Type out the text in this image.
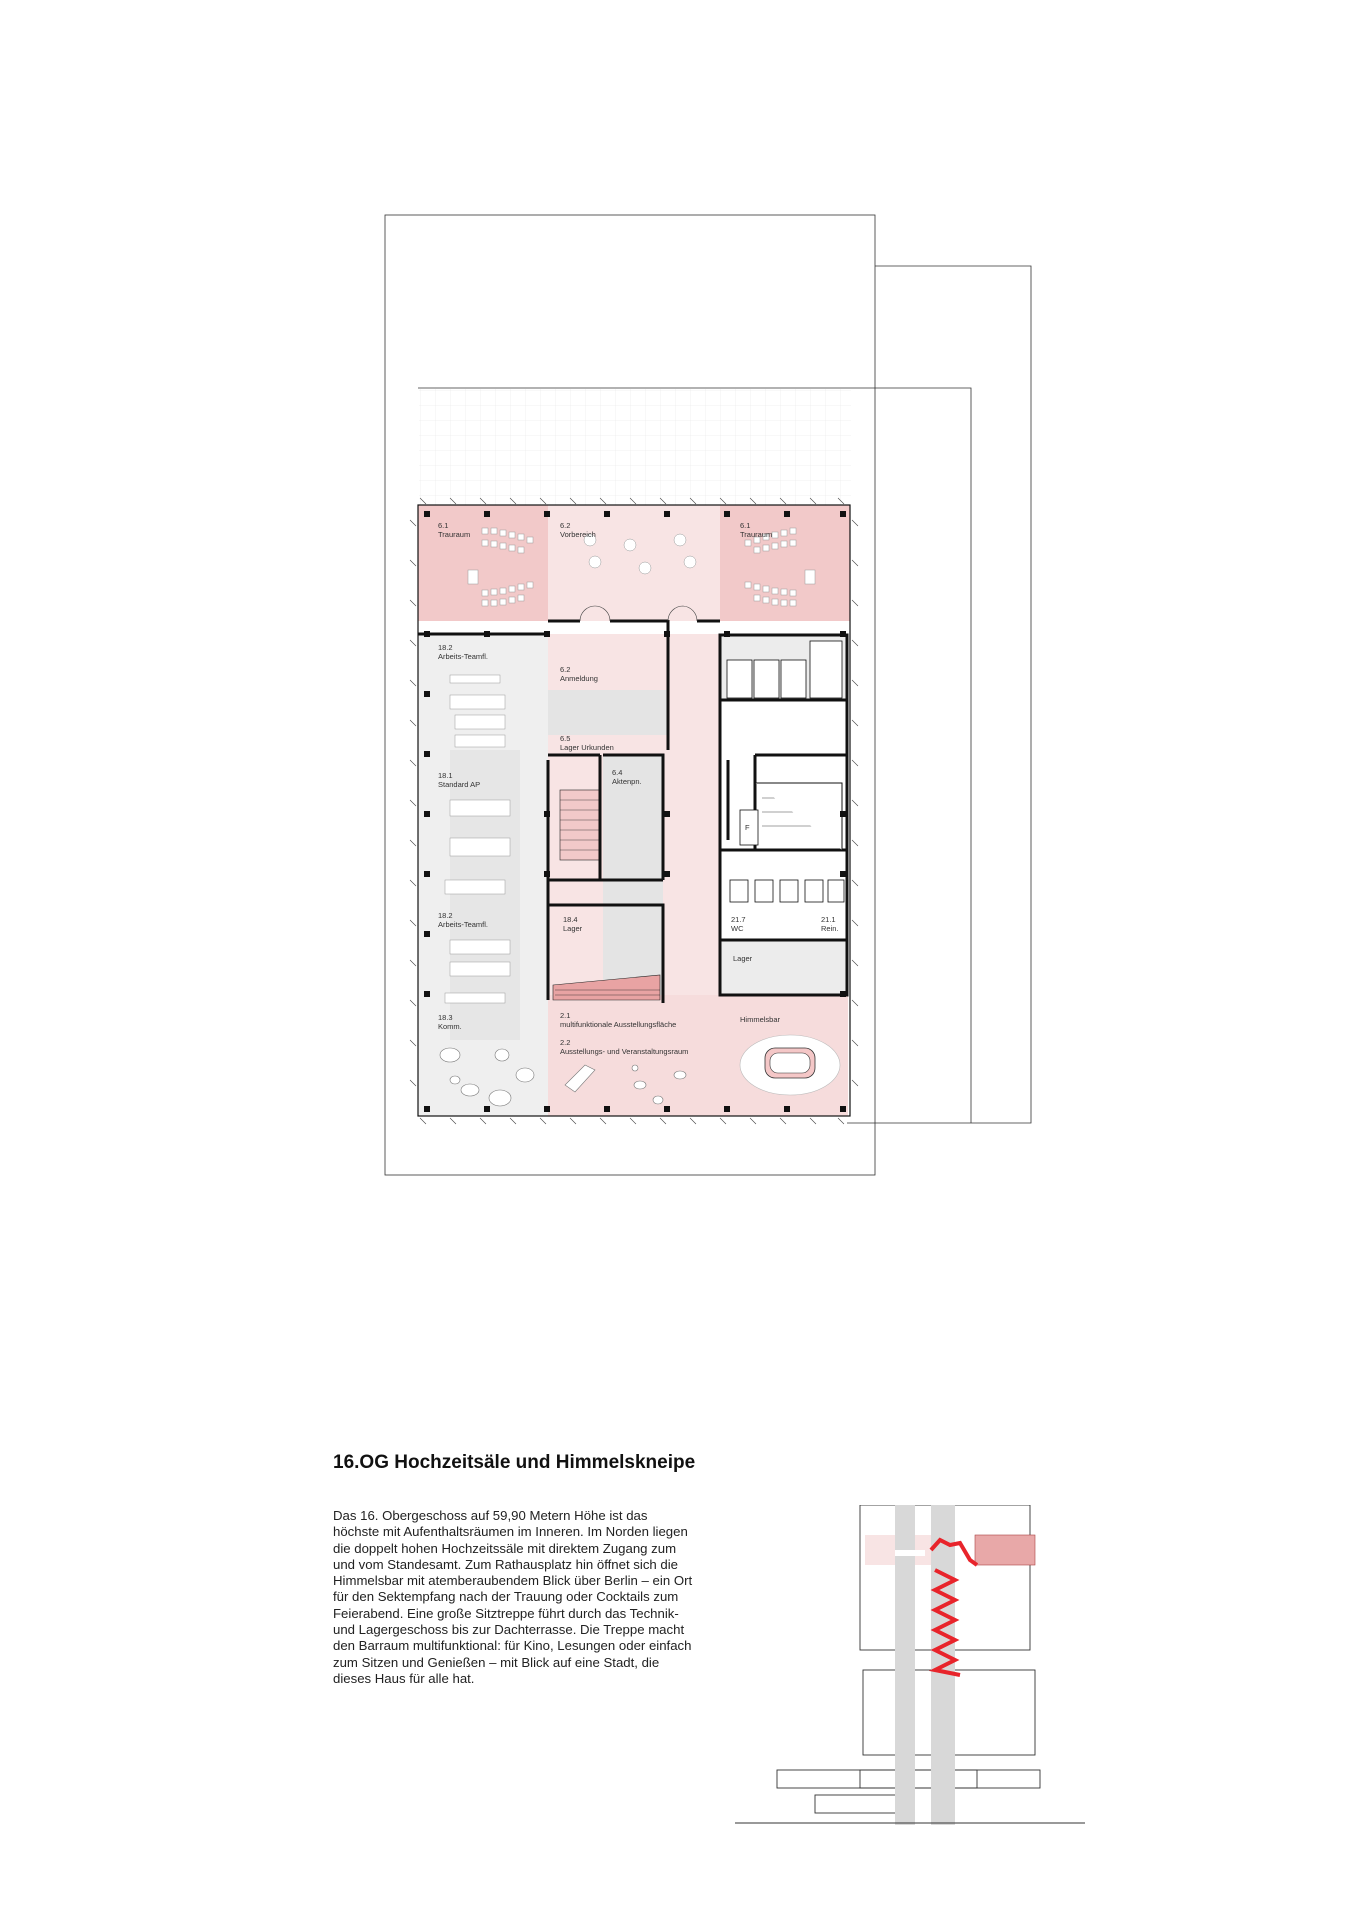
6.1 Trauraum
6.2 Vorbereich
6.1 Trauraum
18.2 Arbeits-Teamfl.
6.2 Anmeldung
6.5 Lager Urkunden
18.1 Standard AP
6.4 Aktenpn.
F
18.2 Arbeits-Teamfl.
18.4 Lager
21.7 WC
21.1 Rein.
Lager
18.3 Komm.
2.1 multifunktionale Ausstellungsfläche
2.2 Ausstellungs- und Veranstaltungsraum
Himmelsbar
16.OG Hochzeitsäle und Himmelskneipe

Das 16. Obergeschoss auf 59,90 Metern Höhe ist das höchste mit Aufenthaltsräumen im Inneren. Im Norden liegen die doppelt hohen Hochzeitssäle mit direktem Zugang zum und vom Standesamt. Zum Rathausplatz hin öffnet sich die Himmelsbar mit atemberaubendem Blick über Berlin – ein Ort für den Sektempfang nach der Trauung oder Cocktails zum Feierabend. Eine große Sitztreppe führt durch das Technik- und Lagergeschoss bis zur Dachterrasse. Die Treppe macht den Barraum multifunktional: für Kino, Lesungen oder einfach zum Sitzen und Genießen – mit Blick auf eine Stadt, die dieses Haus für alle hat.
